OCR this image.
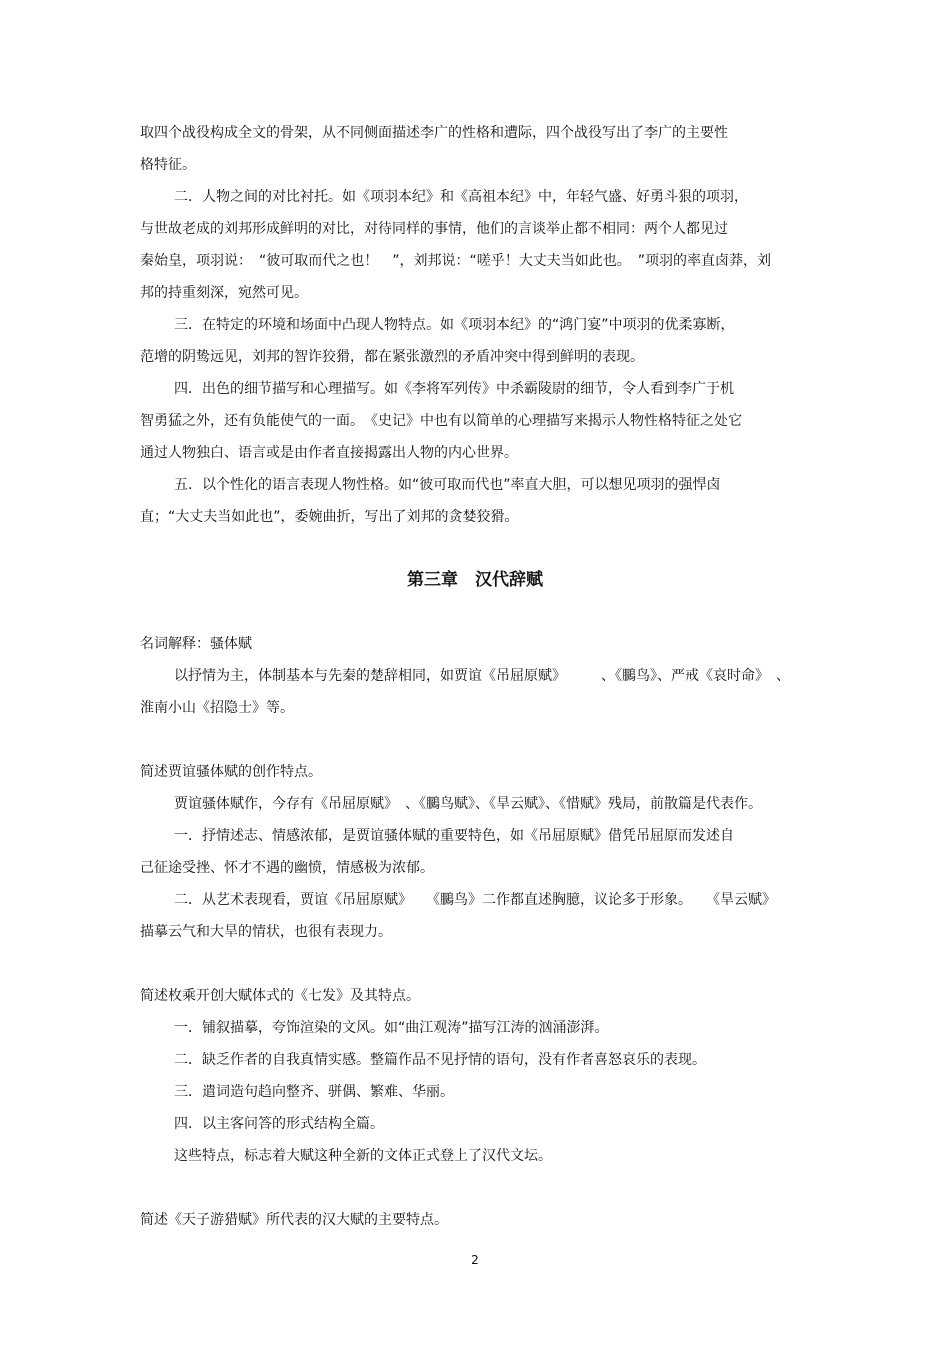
取四个战役构成全文的骨架，从不同侧面描述李广的性格和遭际，四个战役写出了李广的主要性

格特征。

二．人物之间的对比衬托。如《项羽本纪》和《高祖本纪》中，年轻气盛、好勇斗狠的项羽，

与世故老成的刘邦形成鲜明的对比，对待同样的事情，他们的言谈举止都不相同：两个人都见过

秦始皇，项羽说：　“彼可取而代之也！　”，刘邦说：“嗟乎！大丈夫当如此也。　”项羽的率直卤莽，刘

邦的持重刻深，宛然可见。

三．在特定的环境和场面中凸现人物特点。如《项羽本纪》的“鸿门宴”中项羽的优柔寡断，

范增的阴鸷远见，刘邦的智诈狡猾，都在紧张激烈的矛盾冲突中得到鲜明的表现。

四．出色的细节描写和心理描写。如《李将军列传》中杀霸陵尉的细节，令人看到李广于机

智勇猛之外，还有负能使气的一面。　《史记》中也有以简单的心理描写来揭示人物性格特征之处它

通过人物独白、语言或是由作者直接揭露出人物的内心世界。

五．以个性化的语言表现人物性格。如“彼可取而代也”率直大胆，可以想见项羽的强悍卤

直；“大丈夫当如此也”，委婉曲折，写出了刘邦的贪婪狡猾。

第三章　汉代辞赋

名词解释：骚体赋

以抒情为主，体制基本与先秦的楚辞相同，如贾谊《吊屈原赋》　　　、《鵩鸟》、严戒《哀时命》　、

淮南小山《招隐士》等。

简述贾谊骚体赋的创作特点。

贾谊骚体赋作，今存有《吊屈原赋》　、《鵩鸟赋》、《旱云赋》、《惜赋》残局，前散篇是代表作。

一．抒情述志、情感浓郁，是贾谊骚体赋的重要特色，如《吊屈原赋》借凭吊屈原而发述自

己征途受挫、怀才不遇的幽愤，情感极为浓郁。

二．从艺术表现看，贾谊《吊屈原赋》　　《鵩鸟》二作都直述胸臆，议论多于形象。　　《旱云赋》

描摹云气和大旱的情状，也很有表现力。

简述枚乘开创大赋体式的《七发》及其特点。

一．铺叙描摹，夸饰渲染的文风。如“曲江观涛”描写江涛的汹涌澎湃。

二．缺乏作者的自我真情实感。整篇作品不见抒情的语句，没有作者喜怒哀乐的表现。

三．遣词造句趋向整齐、骈偶、繁难、华丽。

四．以主客问答的形式结构全篇。

这些特点，标志着大赋这种全新的文体正式登上了汉代文坛。

简述《天子游猎赋》所代表的汉大赋的主要特点。

2
